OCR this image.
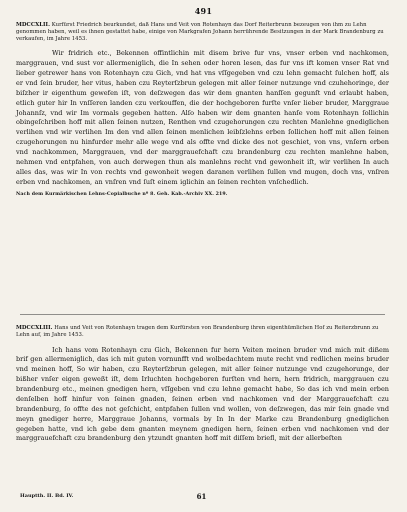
491

MDCCXLII. Kurfürst Friedrich beurkundet, daß Hans und Veit von Rotenhayn das Dorf Reiterbrunn bezeugen von ihm zu Lehn genommen haben, weil es ihnen gestattet habe, einige von Markgrafen Johann herrührende Besitzungen in der Mark Brandenburg zu verkaufen, im Jahre 1453.

Wir fridrich etc., Bekennen offintlichin mit disem brive fur vns, vnser erben vnd nachkomen, marggrauen, vnd sust vor allermeniglich, die In sehen oder horen lesen, das fur vns ift komen vnser Rat vnd lieber getrewer hans von Rotenhayn czu Gich, vnd hat vns vſſgegeben vnd czu lehn gemacht ſulchen hoff, als er vnd ſein bruder, her vitus, haben czu Reyterſzbrun gelegen mit aller ſeiner nutzunge vnd czuhehoringe, der biſzher ir eigenthum gewefen iſt, von deſzwegen das wir dem gnanten hanſſen gegunſt vnd erlaubt haben, etlich guter hir In vnſſeren landen czu verkouffen, die der hochgeboren furſte vnſer lieber bruder, Marggraue Johannſz, vnd wir Im vormals gegeben hatten. Alſo haben wir dem gnanten hanſe vom Rotenhayn ſollichin obingeſchriben hoff mit allen ſeinen nutzen, Renthen vnd czugehorungen czu rechten Manlehne gnediglichen verlihen vnd wir verlihen Im den vnd allen ſeinen menlichen leibſzlehns erben ſollichen hoff mit allen ſeinen czugehorungen nu hinfurder mehr alle wege vnd als offte vnd dicke des not geschiet, von vns, vnſern erben vnd nachkommen, Marggrauen, vnd der marggrauefchaft czu brandenburg czu rechten manlehne haben, nehmen vnd entpfahen, von auch derwegen thun als manlehns recht vnd gewonheit iſt, wir verlihen In auch alles das, was wir In von rechts vnd gewonheit wegen daranen verlihen ſullen vnd mugen, doch vns, vnſren erben vnd nachkomen, an vnſren vnd ſuſt einem iglichin an ſeinen rechten vnſchedlich.

Nach dem Kurmärkischen Lehns-Copialbuche nº 8. Geh. Kab.-Archiv XX. 219.

MDCCXLIII. Hans und Veit von Rotenhayn tragen dem Kurfürsten von Brandenburg ihren eigenthümlichen Hof zu Reiterzbrunn zu Lehn auf, im Jahre 1453.

Ich hans vom Rotenhayn czu Gich, Bekennen fur hern Veiten meinen bruder vnd mich mit dißem brif gen allermeniglich, das ich mit guten vornunfft vnd wolbedachtem mute recht vnd redlichen meins bruder vnd meinen hoff, So wir haben, czu Reyterſzbrun gelegen, mit aller ſeiner nutzunge vnd czugehorunge, der bißher vnſer eigen geweßt iſt, dem Irluchten hochgeboren furſten vnd hern, hern fridrich, marggrauen czu brandenburg etc., meinen gnedigen hern, vſſgeben vnd czu lehne gemacht habe, So das ich vnd mein erben denſelben hoff hinfur von ſeinen gnaden, ſeinen erben vnd nachkomen vnd der Marggrauefchaft czu brandenburg, ſo offte des not geſchicht, entpfahen ſullen vnd wollen, von deſzwegen, das mir ſein gnade vnd meyn gnediger herre, Marggraue Johanns, vormals by In In der Marke czu Brandenburg gnediglichen gegeben hatte, vnd ich gebe dem gnanten meynem gnedigen hern, ſeinen erben vnd nachkomen vnd der marggrauefchaft czu brandenburg den ytzundt gnanten hoff mit diſſem briefl, mit der allerbeſten

Hauptth. II. Bd. IV.	61
